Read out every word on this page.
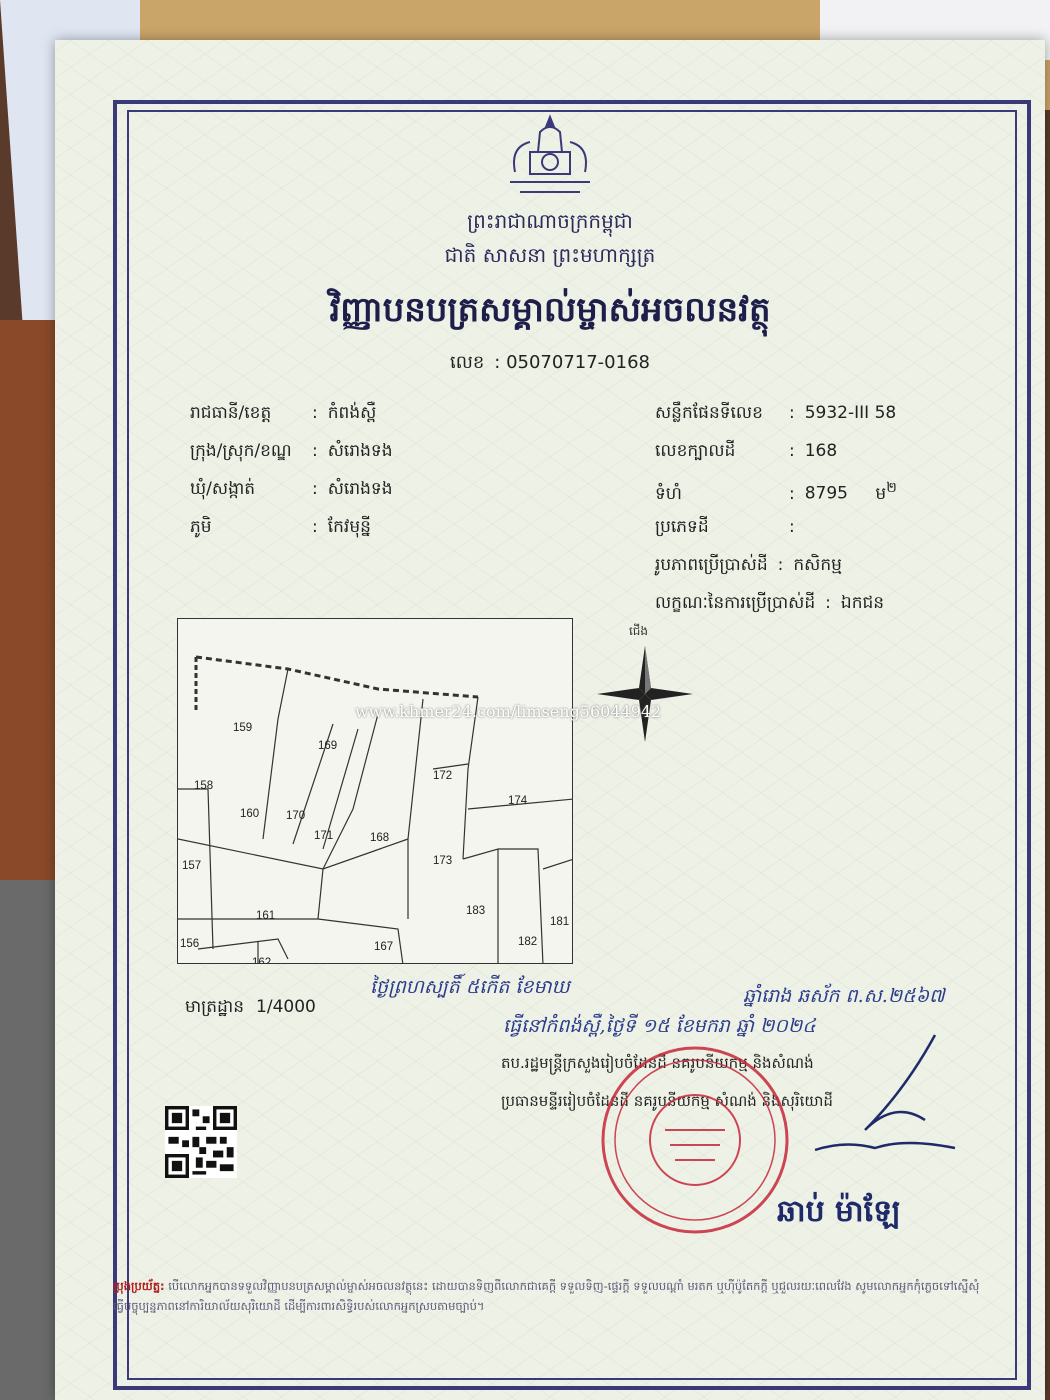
ព្រះរាជាណាចក្រកម្ពុជា
ជាតិ សាសនា ព្រះមហាក្សត្រ
វិញ្ញាបនបត្រសម្គាល់ម្ចាស់អចលនវត្ថុ
លេខ : 05070717-0168
រាជធានី/ខេត្ត : កំពង់ស្ពឺ
ក្រុង/ស្រុក/ខណ្ឌ : សំរោងទង
ឃុំ/សង្កាត់	: សំរោងទង
ភូមិ	: កែវមុន្នី
សន្លឹកផែនទីលេខ : 5932-III 58
លេខក្បាលដី	: 168
ទំហំ	: 8795 ម$^២$
ប្រភេទដី	:
រូបភាពប្រើប្រាស់ដី : កសិកម្ម
លក្ខណៈនៃការប្រើប្រាស់ដី : ឯកជន
159
169
158
172
174
160 170
171	168
173
157
161	183
181
182
156	167
162
ជើង
www.khmer24.com/limseng56044942
មាត្រដ្ឋាន 1/4000
ថ្ងៃព្រហស្បតិ៍ ៥កើត ខែមាឃ	ឆ្នាំរោង ឆស័ក ព.ស.២៥៦៧
ធ្វើនៅកំពង់ស្ពឺ,ថ្ងៃទី ១៥ ខែមករា ឆ្នាំ ២០២៤
តប.រដ្ឋមន្ត្រីក្រសួងរៀបចំដែនដី នគរូបនីយកម្ម និងសំណង់
ប្រធានមន្ទីររៀបចំដែនដី នគរូបនីយកម្ម សំណង់ និងសុរិយោដី
ឆាប់ ម៉ាឡែ
ប្រុងប្រយ័ត្ន: បើលោកអ្នកបានទទួលវិញ្ញាបនបត្រសម្គាល់ម្ចាស់អចលនវត្ថុនេះ ដោយបានទិញពីលោកជាគេក្តី ទទួលទិញ-ផ្ទេរក្តី ទទួលបណ្តាំ មរតក ឬហ៊ីប៉ូតែកក្តី ឬជួលរយៈពេលវែង សូមលោកអ្នកកុំភ្លេចទៅស្នើសុំធ្វើបច្ចុប្បន្នភាពនៅការិយាល័យសុរិយោដី ដើម្បីការពារសិទ្ធិរបស់លោកអ្នកស្របតាមច្បាប់។
